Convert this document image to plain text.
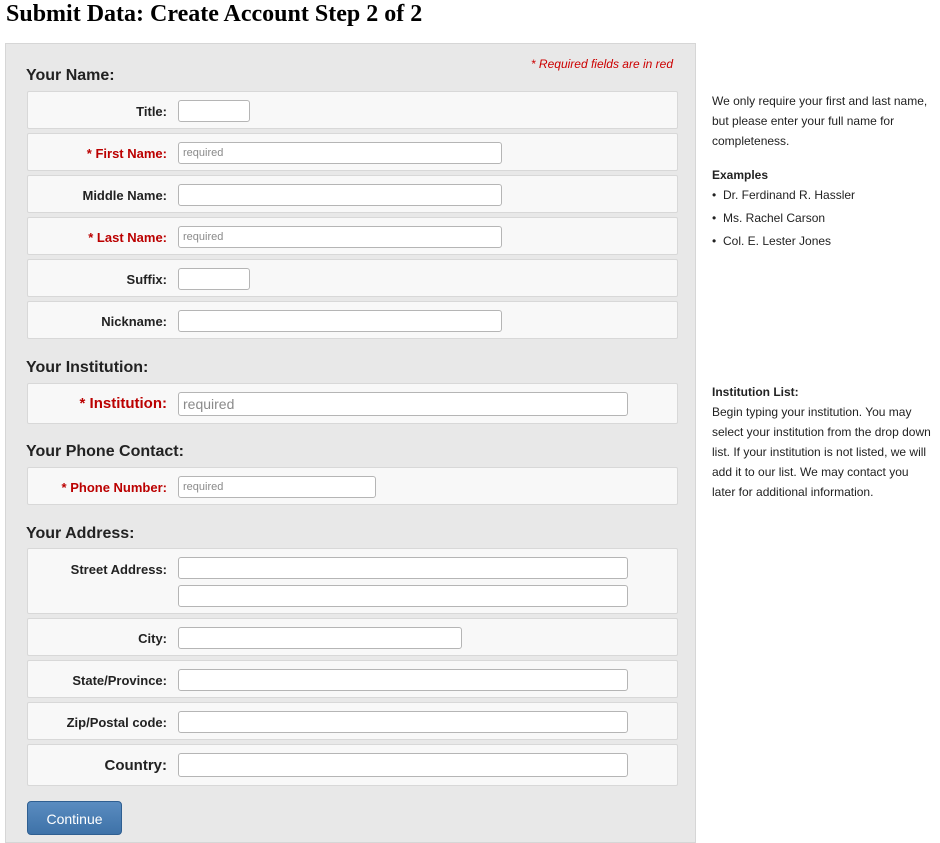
Submit Data: Create Account Step 2 of 2
* Required fields are in red
Your Name:
Title:
* First Name:
required
Middle Name:
* Last Name:
required
Suffix:
Nickname:
Your Institution:
* Institution:
required
Your Phone Contact:
* Phone Number:
required
Your Address:
Street Address:
City:
State/Province:
Zip/Postal code:
Country:
Continue
We only require your first and last name, but please enter your full name for completeness.
Examples
• Dr. Ferdinand R. Hassler
• Ms. Rachel Carson
• Col. E. Lester Jones
Institution List:
Begin typing your institution. You may select your institution from the drop down list. If your institution is not listed, we will add it to our list. We may contact you later for additional information.
